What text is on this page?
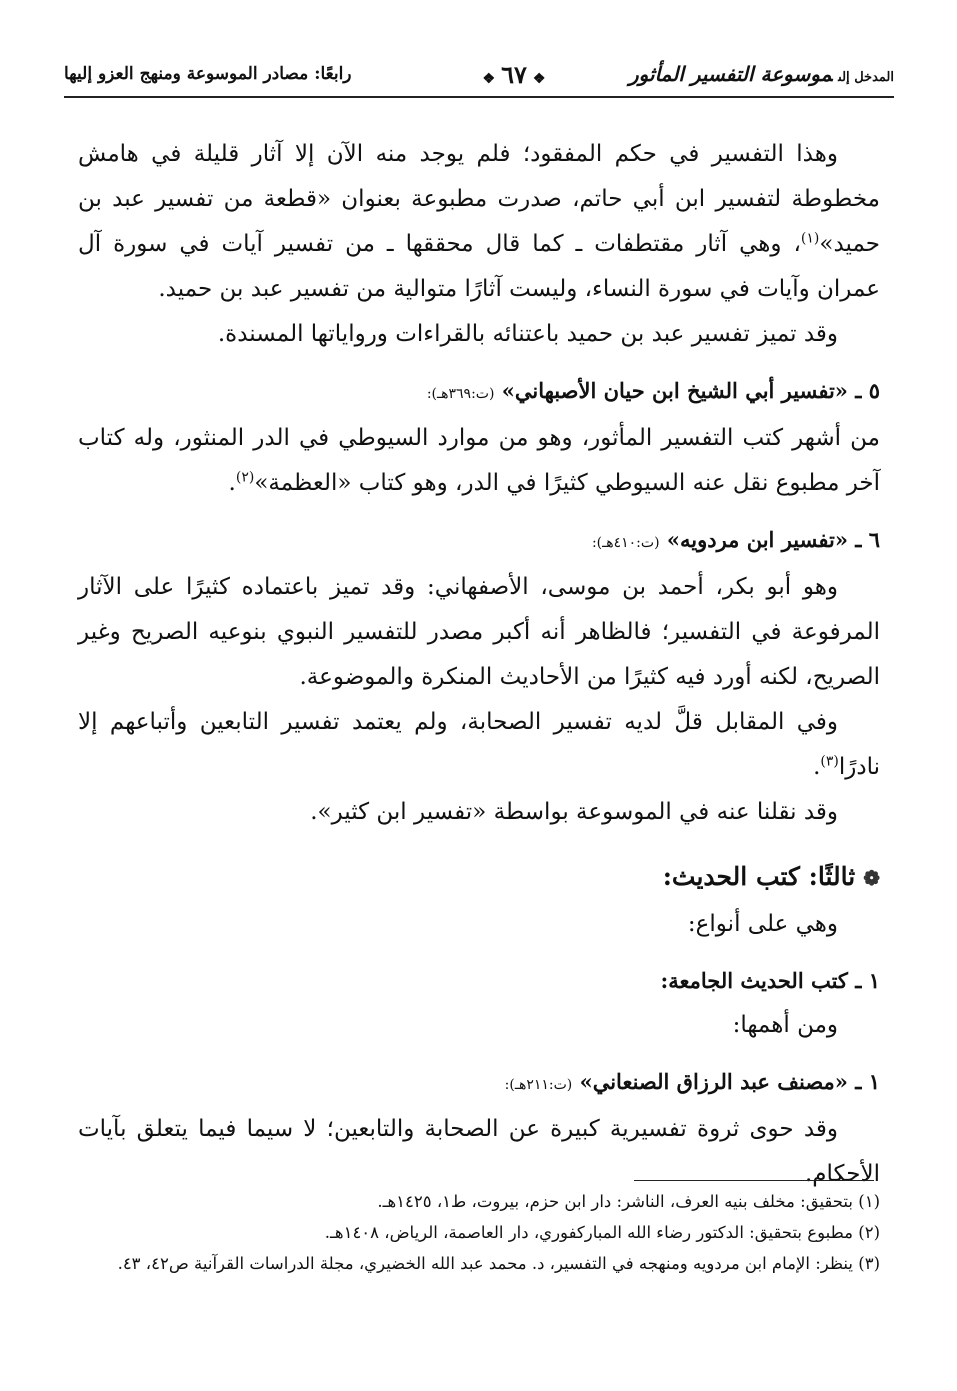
المدخل إلىموسوعة التفسير المأثور
❖٦٧❖
رابعًا: مصادر الموسوعة ومنهج العزو إليها

وهذا التفسير في حكم المفقود؛ فلم يوجد منه الآن إلا آثار قليلة في هامش مخطوطة لتفسير ابن أبي حاتم، صدرت مطبوعة بعنوان «قطعة من تفسير عبد بن حميد»$^{(١)}$، وهي آثار مقتطفات ـ كما قال محققها ـ من تفسير آيات في سورة آل عمران وآيات في سورة النساء، وليست آثارًا متوالية من تفسير عبد بن حميد.

وقد تميز تفسير عبد بن حميد باعتنائه بالقراءات ورواياتها المسندة.

٥ ـ «تفسير أبي الشيخ ابن حيان الأصبهاني» (ت:٣٦٩هـ):

من أشهر كتب التفسير المأثور، وهو من موارد السيوطي في الدر المنثور، وله كتاب آخر مطبوع نقل عنه السيوطي كثيرًا في الدر، وهو كتاب «العظمة»$^{(٢)}$.

٦ ـ «تفسير ابن مردويه» (ت:٤١٠هـ):

وهو أبو بكر، أحمد بن موسى، الأصفهاني: وقد تميز باعتماده كثيرًا على الآثار المرفوعة في التفسير؛ فالظاهر أنه أكبر مصدر للتفسير النبوي بنوعيه الصريح وغير الصريح، لكنه أورد فيه كثيرًا من الأحاديث المنكرة والموضوعة.

وفي المقابل قلَّ لديه تفسير الصحابة، ولم يعتمد تفسير التابعين وأتباعهم إلا نادرًا$^{(٣)}$.

وقد نقلنا عنه في الموسوعة بواسطة «تفسير ابن كثير».

❁ثالثًا: كتب الحديث:

وهي على أنواع:

١ ـ كتب الحديث الجامعة:

ومن أهمها:

١ ـ «مصنف عبد الرزاق الصنعاني» (ت:٢١١هـ):

وقد حوى ثروة تفسيرية كبيرة عن الصحابة والتابعين؛ لا سيما فيما يتعلق بآيات الأحكام.

(١) بتحقيق: مخلف بنيه العرف، الناشر: دار ابن حزم، بيروت، ط١، ١٤٢٥هـ.

(٢) مطبوع بتحقيق: الدكتور رضاء الله المباركفوري، دار العاصمة، الرياض، ١٤٠٨هـ.

(٣) ينظر: الإمام ابن مردويه ومنهجه في التفسير، د. محمد عبد الله الخضيري، مجلة الدراسات القرآنية ص٤٢، ٤٣.
